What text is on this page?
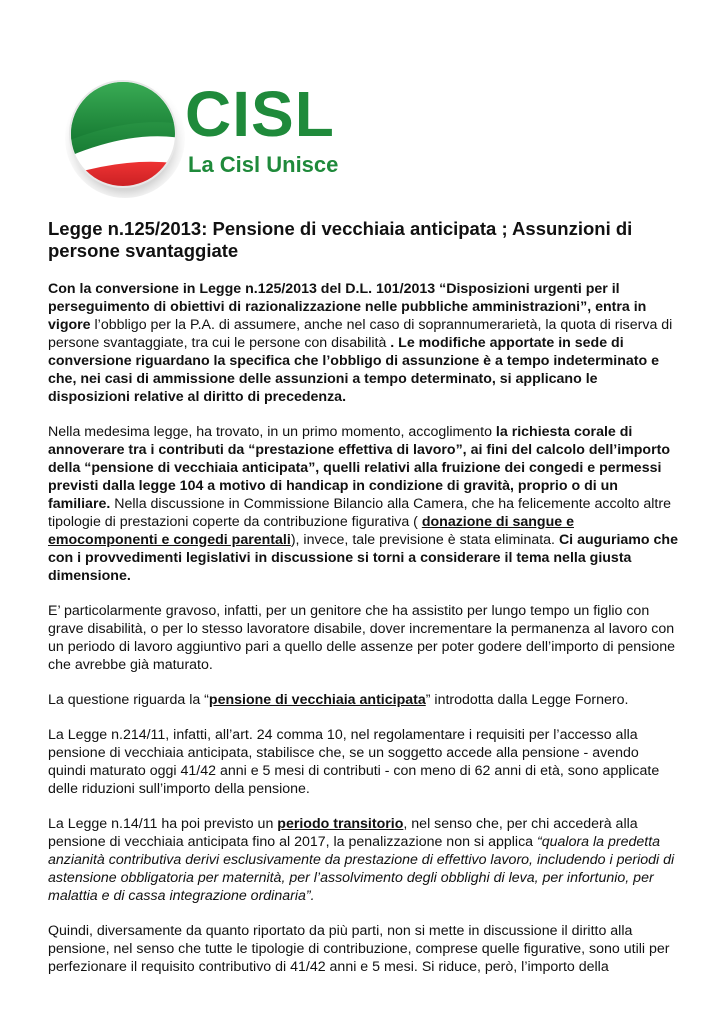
CISL
La Cisl Unisce
Legge n.125/2013: Pensione di vecchiaia anticipata ; Assunzioni di persone svantaggiate

Con la conversione in Legge n.125/2013 del D.L. 101/2013 “Disposizioni urgenti per il perseguimento di obiettivi di razionalizzazione nelle pubbliche amministrazioni”, entra in vigore l’obbligo per la P.A. di assumere, anche nel caso di soprannumerarietà, la quota di riserva di persone svantaggiate, tra cui le persone con disabilità . Le modifiche apportate in sede di conversione riguardano la specifica che l’obbligo di assunzione è a tempo indeterminato e che, nei casi di ammissione delle assunzioni a tempo determinato, si applicano le disposizioni relative al diritto di precedenza.

Nella medesima legge, ha trovato, in un primo momento, accoglimento la richiesta corale di annoverare tra i contributi da “prestazione effettiva di lavoro”, ai fini del calcolo dell’importo della “pensione di vecchiaia anticipata”, quelli relativi alla fruizione dei congedi e permessi previsti dalla legge 104 a motivo di handicap in condizione di gravità, proprio o di un familiare. Nella discussione in Commissione Bilancio alla Camera, che ha felicemente accolto altre tipologie di prestazioni coperte da contribuzione figurativa ( donazione di sangue e emocomponenti e congedi parentali), invece, tale previsione è stata eliminata. Ci auguriamo che con i provvedimenti legislativi in discussione si torni a considerare il tema nella giusta dimensione.

E’ particolarmente gravoso, infatti, per un genitore che ha assistito per lungo tempo un figlio con grave disabilità, o per lo stesso lavoratore disabile, dover incrementare la permanenza al lavoro con un periodo di lavoro aggiuntivo pari a quello delle assenze per poter godere dell’importo di pensione che avrebbe già maturato.

La questione riguarda la “pensione di vecchiaia anticipata” introdotta dalla Legge Fornero.

La Legge n.214/11, infatti, all’art. 24 comma 10, nel regolamentare i requisiti per l’accesso alla pensione di vecchiaia anticipata, stabilisce che, se un soggetto accede alla pensione - avendo quindi maturato oggi 41/42 anni e 5 mesi di contributi - con meno di 62 anni di età, sono applicate delle riduzioni sull’importo della pensione.

La Legge n.14/11 ha poi previsto un periodo transitorio, nel senso che, per chi accederà alla pensione di vecchiaia anticipata fino al 2017, la penalizzazione non si applica “qualora la predetta anzianità contributiva derivi esclusivamente da prestazione di effettivo lavoro, includendo i periodi di astensione obbligatoria per maternità, per l’assolvimento degli obblighi di leva, per infortunio, per malattia e di cassa integrazione ordinaria”.

Quindi, diversamente da quanto riportato da più parti, non si mette in discussione il diritto alla pensione, nel senso che tutte le tipologie di contribuzione, comprese quelle figurative, sono utili per perfezionare il requisito contributivo di 41/42 anni e 5 mesi. Si riduce, però, l’importo della
